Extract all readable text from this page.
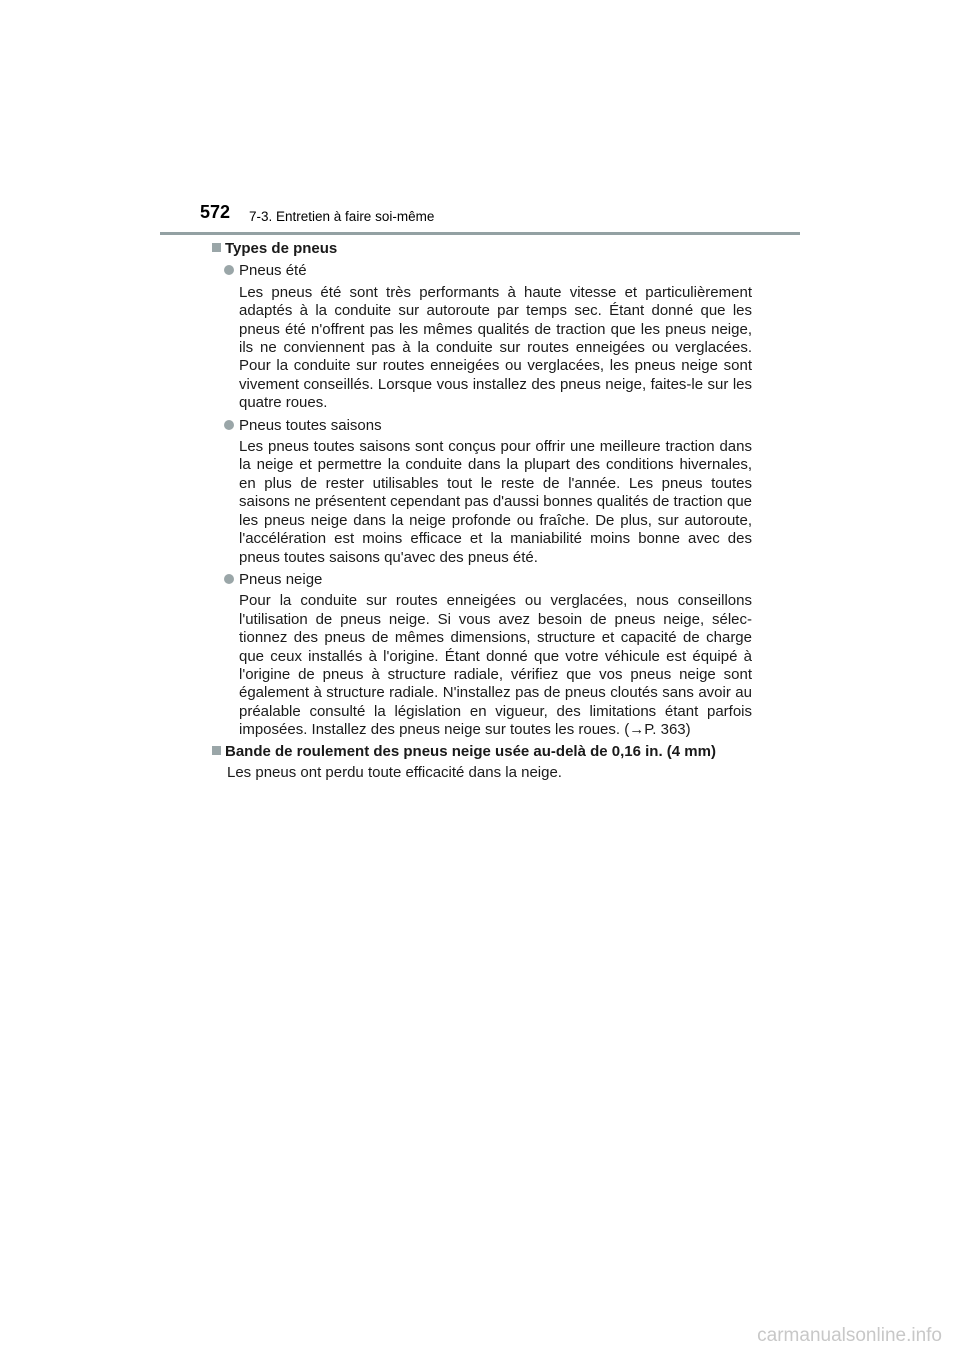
572 7-3. Entretien à faire soi-même
Types de pneus
Pneus été

Les pneus été sont très performants à haute vitesse et particulièrement adaptés à la conduite sur autoroute par temps sec. Étant donné que les pneus été n'offrent pas les mêmes qualités de traction que les pneus neige, ils ne conviennent pas à la conduite sur routes enneigées ou verglacées. Pour la conduite sur routes enneigées ou verglacées, les pneus neige sont vivement conseillés. Lorsque vous installez des pneus neige, faites-le sur les quatre roues.

Pneus toutes saisons

Les pneus toutes saisons sont conçus pour offrir une meilleure traction dans la neige et permettre la conduite dans la plupart des conditions hivernales, en plus de rester utilisables tout le reste de l'année. Les pneus toutes saisons ne présentent cependant pas d'aussi bonnes qualités de traction que les pneus neige dans la neige profonde ou fraîche. De plus, sur autoroute, l'accélération est moins efficace et la maniabilité moins bonne avec des pneus toutes saisons qu'avec des pneus été.

Pneus neige

Pour la conduite sur routes enneigées ou verglacées, nous conseillons l'utilisation de pneus neige. Si vous avez besoin de pneus neige, sélectionnez des pneus de mêmes dimensions, structure et capacité de charge que ceux installés à l'origine. Étant donné que votre véhicule est équipé à l'origine de pneus à structure radiale, vérifiez que vos pneus neige sont également à structure radiale. N'installez pas de pneus cloutés sans avoir au préalable consulté la législation en vigueur, des limitations étant parfois imposées. Installez des pneus neige sur toutes les roues. (→P. 363)

Bande de roulement des pneus neige usée au-delà de 0,16 in. (4 mm)

Les pneus ont perdu toute efficacité dans la neige.

carmanualsonline.info
